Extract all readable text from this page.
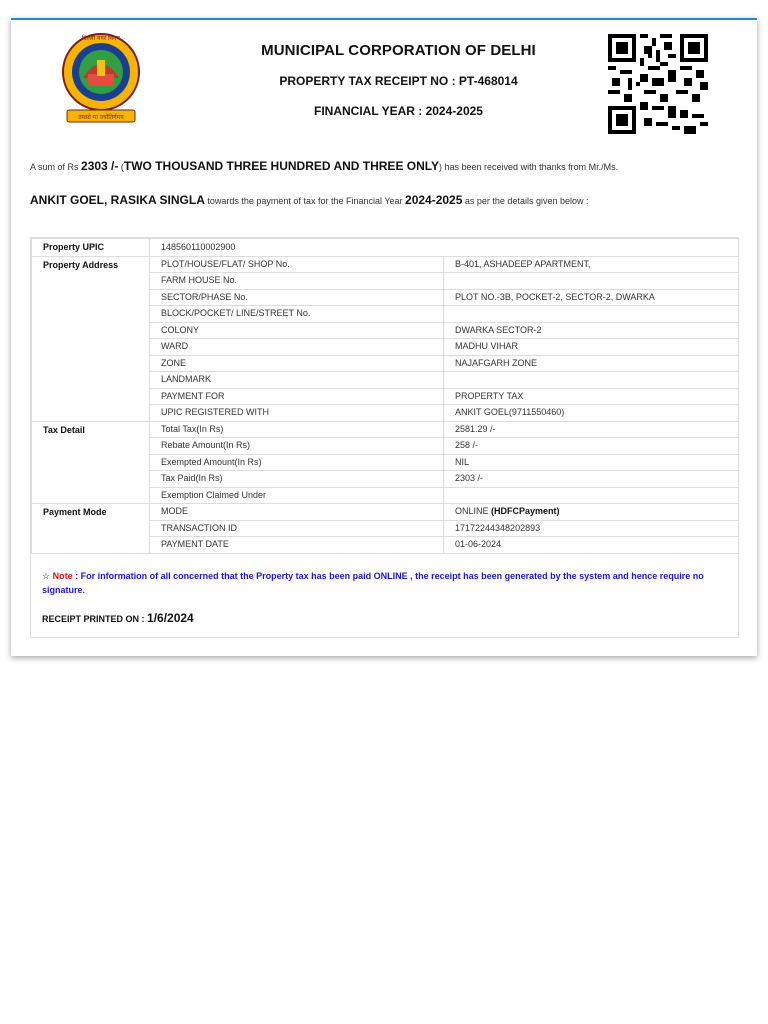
दिल्ली नगर निगम
तमसो मा ज्योतिर्गमय
MUNICIPAL CORPORATION OF DELHI
PROPERTY TAX RECEIPT NO : PT-468014
FINANCIAL YEAR : 2024-2025
A sum of Rs 2303 /- (TWO THOUSAND THREE HUNDRED AND THREE ONLY) has been received with thanks from Mr./Ms.
ANKIT GOEL, RASIKA SINGLA towards the payment of tax for the Financial Year 2024-2025 as per the details given below :
Property UPIC	148560110002900	
Property Address	PLOT/HOUSE/FLAT/ SHOP No.	B-401, ASHADEEP APARTMENT,
	FARM HOUSE No.	
	SECTOR/PHASE No.	PLOT NO.-3B, POCKET-2, SECTOR-2, DWARKA
	BLOCK/POCKET/ LINE/STREET No.	
	COLONY	DWARKA SECTOR-2
	WARD	MADHU VIHAR
	ZONE	NAJAFGARH ZONE
	LANDMARK	
	PAYMENT FOR	PROPERTY TAX
	UPIC REGISTERED WITH	ANKIT GOEL(9711550460)
Tax Detail	Total Tax(In Rs)	2581.29 /-
	Rebate Amount(In Rs)	258 /-
	Exempted Amount(In Rs)	NIL
	Tax Paid(In Rs)	2303 /-
	Exemption Claimed Under	
Payment Mode	MODE	ONLINE (HDFCPayment)
	TRANSACTION ID	17172244348202893
	PAYMENT DATE	01-06-2024
☆ Note : For information of all concerned that the Property tax has been paid ONLINE , the receipt has been generated by the system and hence require no signature.
RECEIPT PRINTED ON : 1/6/2024
